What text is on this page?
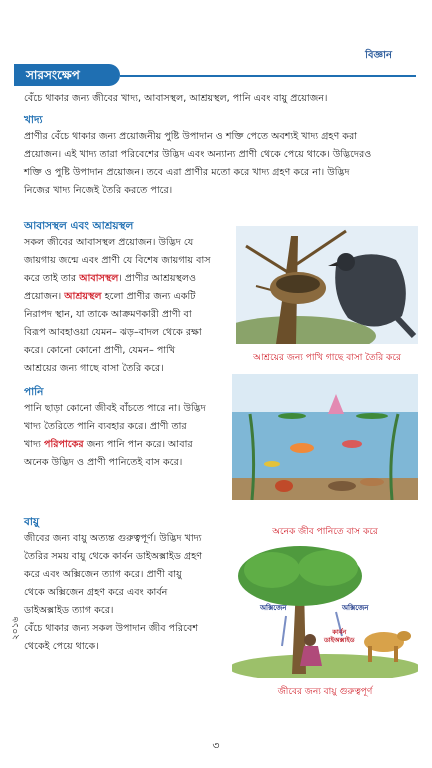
বিজ্ঞান
সারসংক্ষেপ
বেঁচে থাকার জন্য জীবের খাদ্য, আবাসস্থল, আশ্রয়স্থল, পানি এবং বায়ু প্রয়োজন।
খাদ্য
প্রাণীর বেঁচে থাকার জন্য প্রয়োজনীয় পুষ্টি উপাদান ও শক্তি পেতে অবশ্যই খাদ্য গ্রহণ করা
প্রয়োজন। এই খাদ্য তারা পরিবেশের উদ্ভিদ এবং অন্যান্য প্রাণী থেকে পেয়ে থাকে। উদ্ভিদেরও
শক্তি ও পুষ্টি উপাদান প্রয়োজন। তবে এরা প্রাণীর মতো করে খাদ্য গ্রহণ করে না। উদ্ভিদ
নিজের খাদ্য নিজেই তৈরি করতে পারে।
আবাসস্থল এবং আশ্রয়স্থল
সকল জীবের আবাসস্থল প্রয়োজন। উদ্ভিদ যে
জায়গায় জন্মে এবং প্রাণী যে বিশেষ জায়গায় বাস
করে তাই তার আবাসস্থল। প্রাণীর আশ্রয়স্থলও
প্রয়োজন। আশ্রয়স্থল হলো প্রাণীর জন্য একটি
নিরাপদ স্থান, যা তাকে আক্রমণকারী প্রাণী বা
বিরূপ আবহাওয়া যেমন– ঝড়–বাদল থেকে রক্ষা
করে। কোনো কোনো প্রাণী, যেমন– পাখি
আশ্রয়ের জন্য গাছে বাসা তৈরি করে।
পানি
পানি ছাড়া কোনো জীবই বাঁচতে পারে না। উদ্ভিদ
খাদ্য তৈরিতে পানি ব্যবহার করে। প্রাণী তার
খাদ্য পরিপাকের জন্য পানি পান করে। আবার
অনেক উদ্ভিদ ও প্রাণী পানিতেই বাস করে।
বায়ু
জীবের জন্য বায়ু অত্যন্ত গুরুত্বপূর্ণ। উদ্ভিদ খাদ্য
তৈরির সময় বায়ু থেকে কার্বন ডাইঅক্সাইড গ্রহণ
করে এবং অক্সিজেন ত্যাগ করে। প্রাণী বায়ু
থেকে অক্সিজেন গ্রহণ করে এবং কার্বন
ডাইঅক্সাইড ত্যাগ করে।
বেঁচে থাকার জন্য সকল উপাদান জীব পরিবেশ
থেকেই পেয়ে থাকে।
আশ্রয়ের জন্য পাখি গাছে বাসা তৈরি করে
অনেক জীব পানিতে বাস করে
অক্সিজেন	অক্সিজেন
কার্বন
ডাইঅক্সাইড
জীবের জন্য বায়ু গুরুত্বপূর্ণ
২০১৬
৩
